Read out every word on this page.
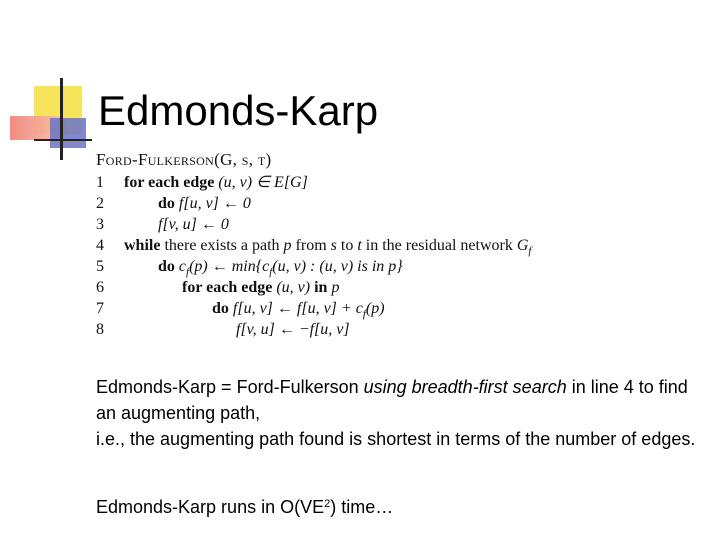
Edmonds-Karp
Ford-Fulkerson(G, s, t)
1	for each edge (u, v) ∈ E[G]
2	do f[u, v] ← 0
3	f[v, u] ← 0
4	while there exists a path p from s to t in the residual network $G_f$
5	do $c_f(p)$ ← $\min\{c_f(u$, v) : (u, v) is in p}
6	for each edge (u, v) in p
7	do f[u, v] ← f[u, $v] + c_f(p)$
8	f[v, u] ← −f[u, v]
Edmonds-Karp = Ford-Fulkerson using breadth-first search in line 4 to find an augmenting path,
i.e., the augmenting path found is shortest in terms of the number of edges.
Edmonds-Karp runs in $O(VE^2)$ time…
